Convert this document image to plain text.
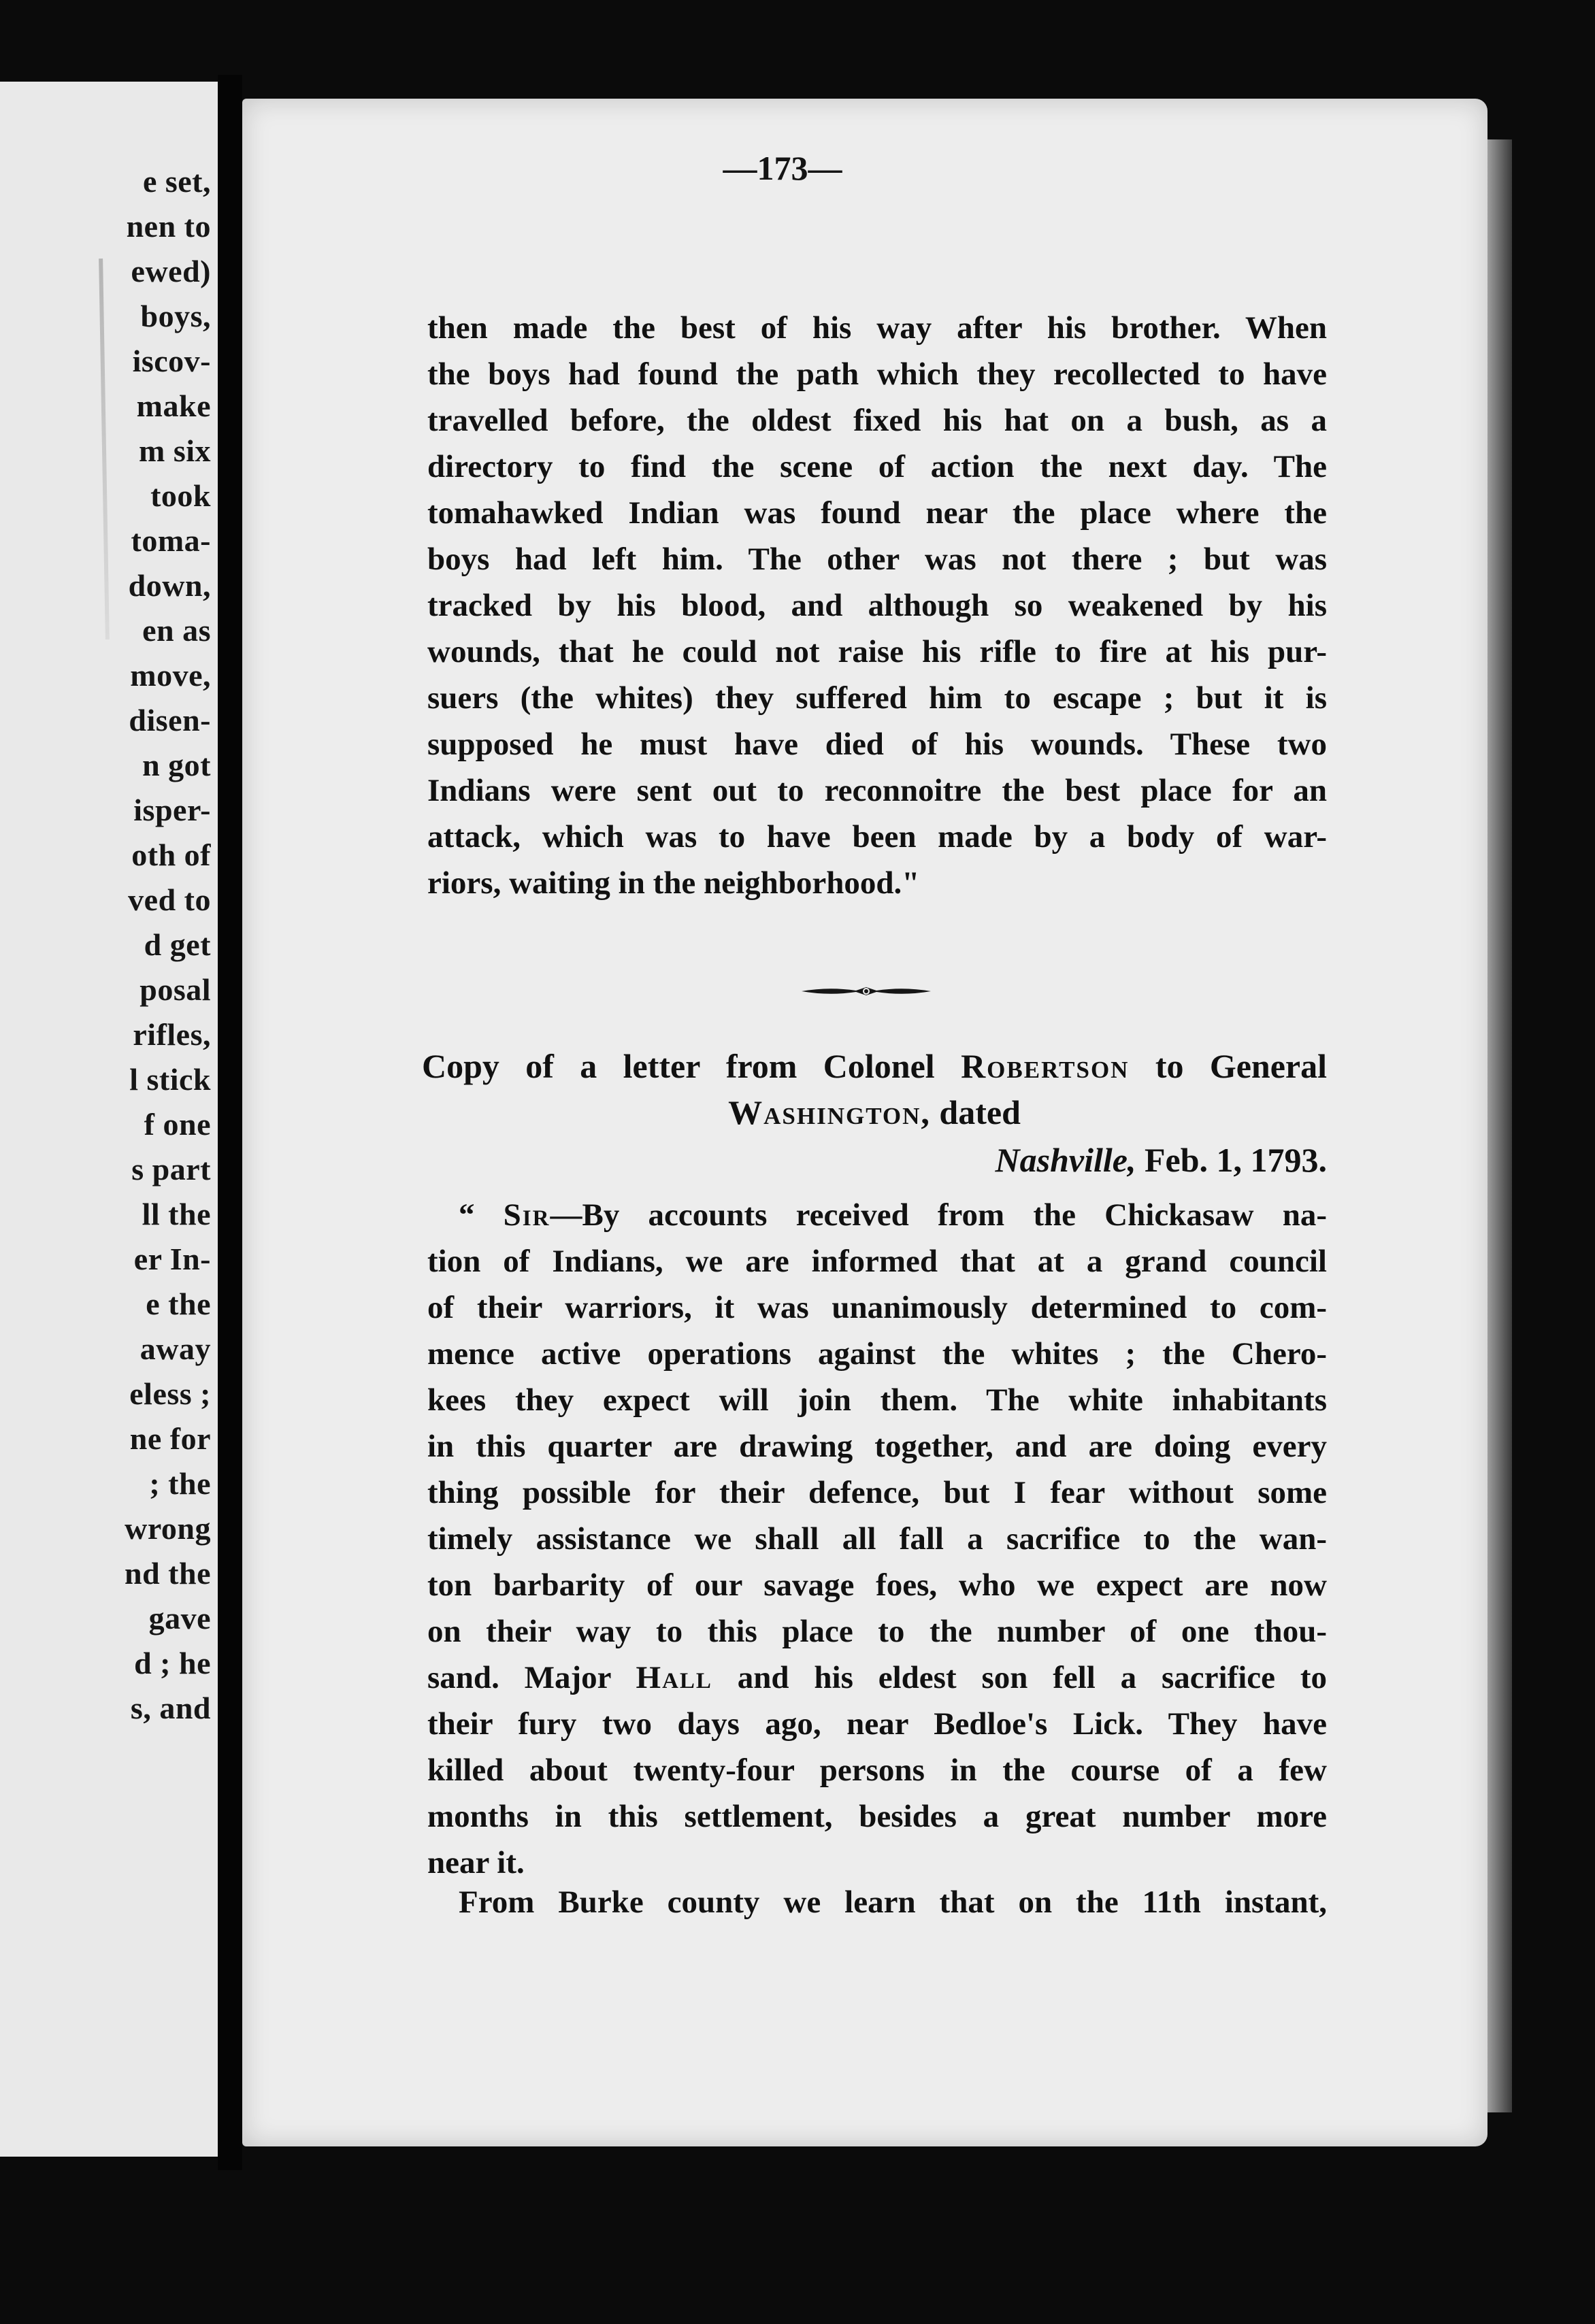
e set,
nen to
ewed)
boys,
iscov-
make
m six
took
toma-
down,
en as
move,
disen-
n got
isper-
oth of
ved to
d get
posal
rifles,
l stick
f one
s part
ll the
er In-
e the
away
eless ;
ne for
; the
wrong
nd the
gave
d ; he
s, and
—173—
then made the best of his way after his brother. When
the boys had found the path which they recollected to have
travelled before, the oldest fixed his hat on a bush, as a
directory to find the scene of action the next day. The
tomahawked Indian was found near the place where the
boys had left him. The other was not there ; but was
tracked by his blood, and although so weakened by his
wounds, that he could not raise his rifle to fire at his pur-
suers (the whites) they suffered him to escape ; but it is
supposed he must have died of his wounds. These two
Indians were sent out to reconnoitre the best place for an
attack, which was to have been made by a body of war-
riors, waiting in the neighborhood."
Copy of a letter from Colonel Robertson to General
Washington, dated
Nashville, Feb. 1, 1793.
“ Sir—By accounts received from the Chickasaw na-
tion of Indians, we are informed that at a grand council
of their warriors, it was unanimously determined to com-
mence active operations against the whites ; the Chero-
kees they expect will join them. The white inhabitants
in this quarter are drawing together, and are doing every
thing possible for their defence, but I fear without some
timely assistance we shall all fall a sacrifice to the wan-
ton barbarity of our savage foes, who we expect are now
on their way to this place to the number of one thou-
sand. Major Hall and his eldest son fell a sacrifice to
their fury two days ago, near Bedloe's Lick. They have
killed about twenty-four persons in the course of a few
months in this settlement, besides a great number more
near it.
From Burke county we learn that on the 11th instant,
